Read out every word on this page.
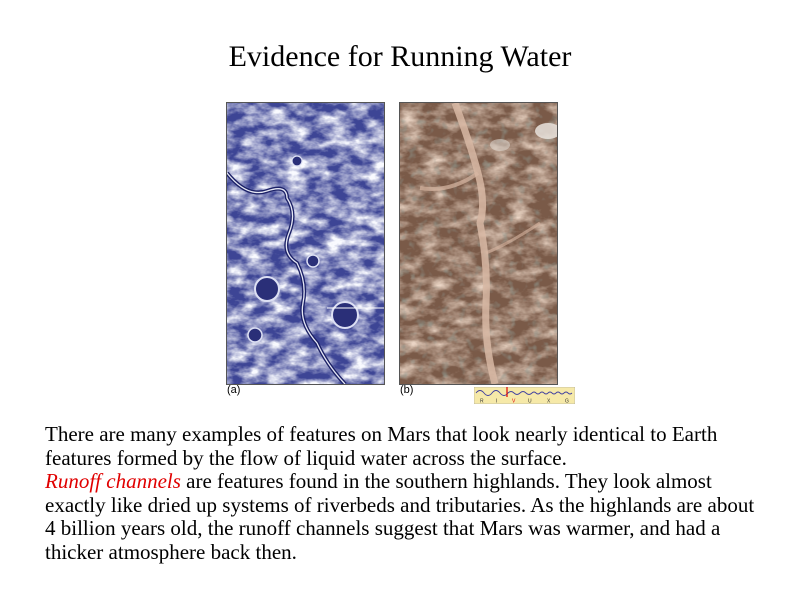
Evidence for Running Water
(a)	(b)
R I	V	U	X	G

There are many examples of features on Mars that look nearly identical to Earth features formed by the flow of liquid water across the surface.
Runoff channels are features found in the southern highlands. They look almost exactly like dried up systems of riverbeds and tributaries. As the highlands are about 4 billion years old, the runoff channels suggest that Mars was warmer, and had a thicker atmosphere back then.
